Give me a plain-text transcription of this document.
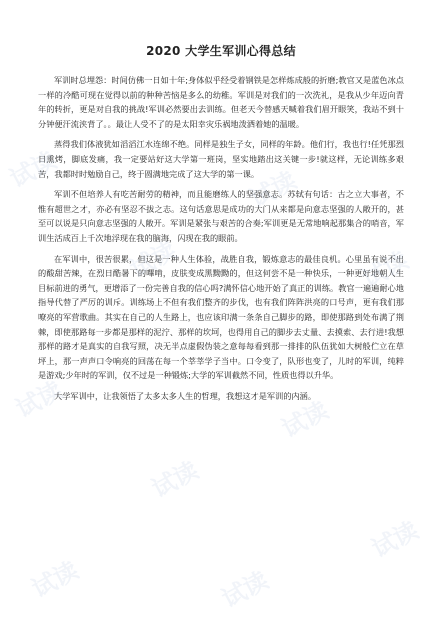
2020 大学生军训心得总结

军训时总埋怨：时间仿佛一日如十年;身体似乎经受着钢铁是怎样炼成般的折磨;教官又是蓝色冰点一样的冷酷可现在觉得以前的种种苦恼是多么的幼稚。军训是对我们的一次洗礼，是我从少年迈向青年的转折，更是对自我的挑战!军训必然要出去训练。但老天今替感天喊着我们眉开眼笑，我站不到十分钟便汗流浃背了。。最让人受不了的是太阳幸灾乐祸地泼洒着她的温暖。

蒸得我们体液犹如滔滔江水连绵不绝。同样是独生子女，同样的年龄。他们行，我也行!任凭那烈日熏烤，脚底发痛，我一定要站好这大学第一班岗，坚实地踏出这关键一步!就这样，无论训练多艰苦，我都时时勉励自己，终于圆满地完成了这大学的第一课。

军训不但培养人有吃苦耐劳的精神，而且能磨练人的坚强意志。苏轼有句话：古之立大事者，不惟有超世之才，亦必有坚忍不拔之志。这句话意思是成功的大门从来都是向意志坚强的人敞开的，甚至可以说是只向意志坚强的人敞开。军训是紧张与艰苦的合奏;军训更是无常地响起那集合的哨音，军训生活成百上千次地浮现在我的脑海，闪现在我的眼前。

在军训中，很苦很累，但这是一种人生体验，战胜自我，锻炼意志的最佳良机。心里虽有说不出的酸甜苦辣，在烈日酷暑下的嗶啃，皮肤变成黑黝黝的，但这何尝不是一种快乐，一种更好地朝人生目标前进的勇气，更增添了一份完善自我的信心吗?满怀信心地开始了真正的训练。教官一遍遍耐心地指导代替了严厉的训斥。训练场上不但有我们整齐的步伐，也有我们阵阵洪亮的口号声，更有我们那嘹亮的军营歌曲。其实在自己的人生路上，也应该印满一条条自己脚步的路，即使那路到处布满了荆棘，即使那路每一步都是那样的泥泞、那样的坎坷，也得用自己的脚步去丈量、去摸索、去行进!我想那样的路才是真实的自我写照，决无半点虚假伪装之意每每看到那一排排的队伍犹如大树般伫立在草坪上，那一声声口令响亮的回荡在每一个莘莘学子当中。口令变了，队形也变了，儿时的军训，纯粹是游戏;少年时的军训，仅不过是一种锻炼;大学的军训截然不同，性质也得以升华。

大学军训中，让我领悟了太多太多人生的哲理，我想这才是军训的内涵。

试读
试读
试读
试读
试读
试读
试读
试读	试读
试读
